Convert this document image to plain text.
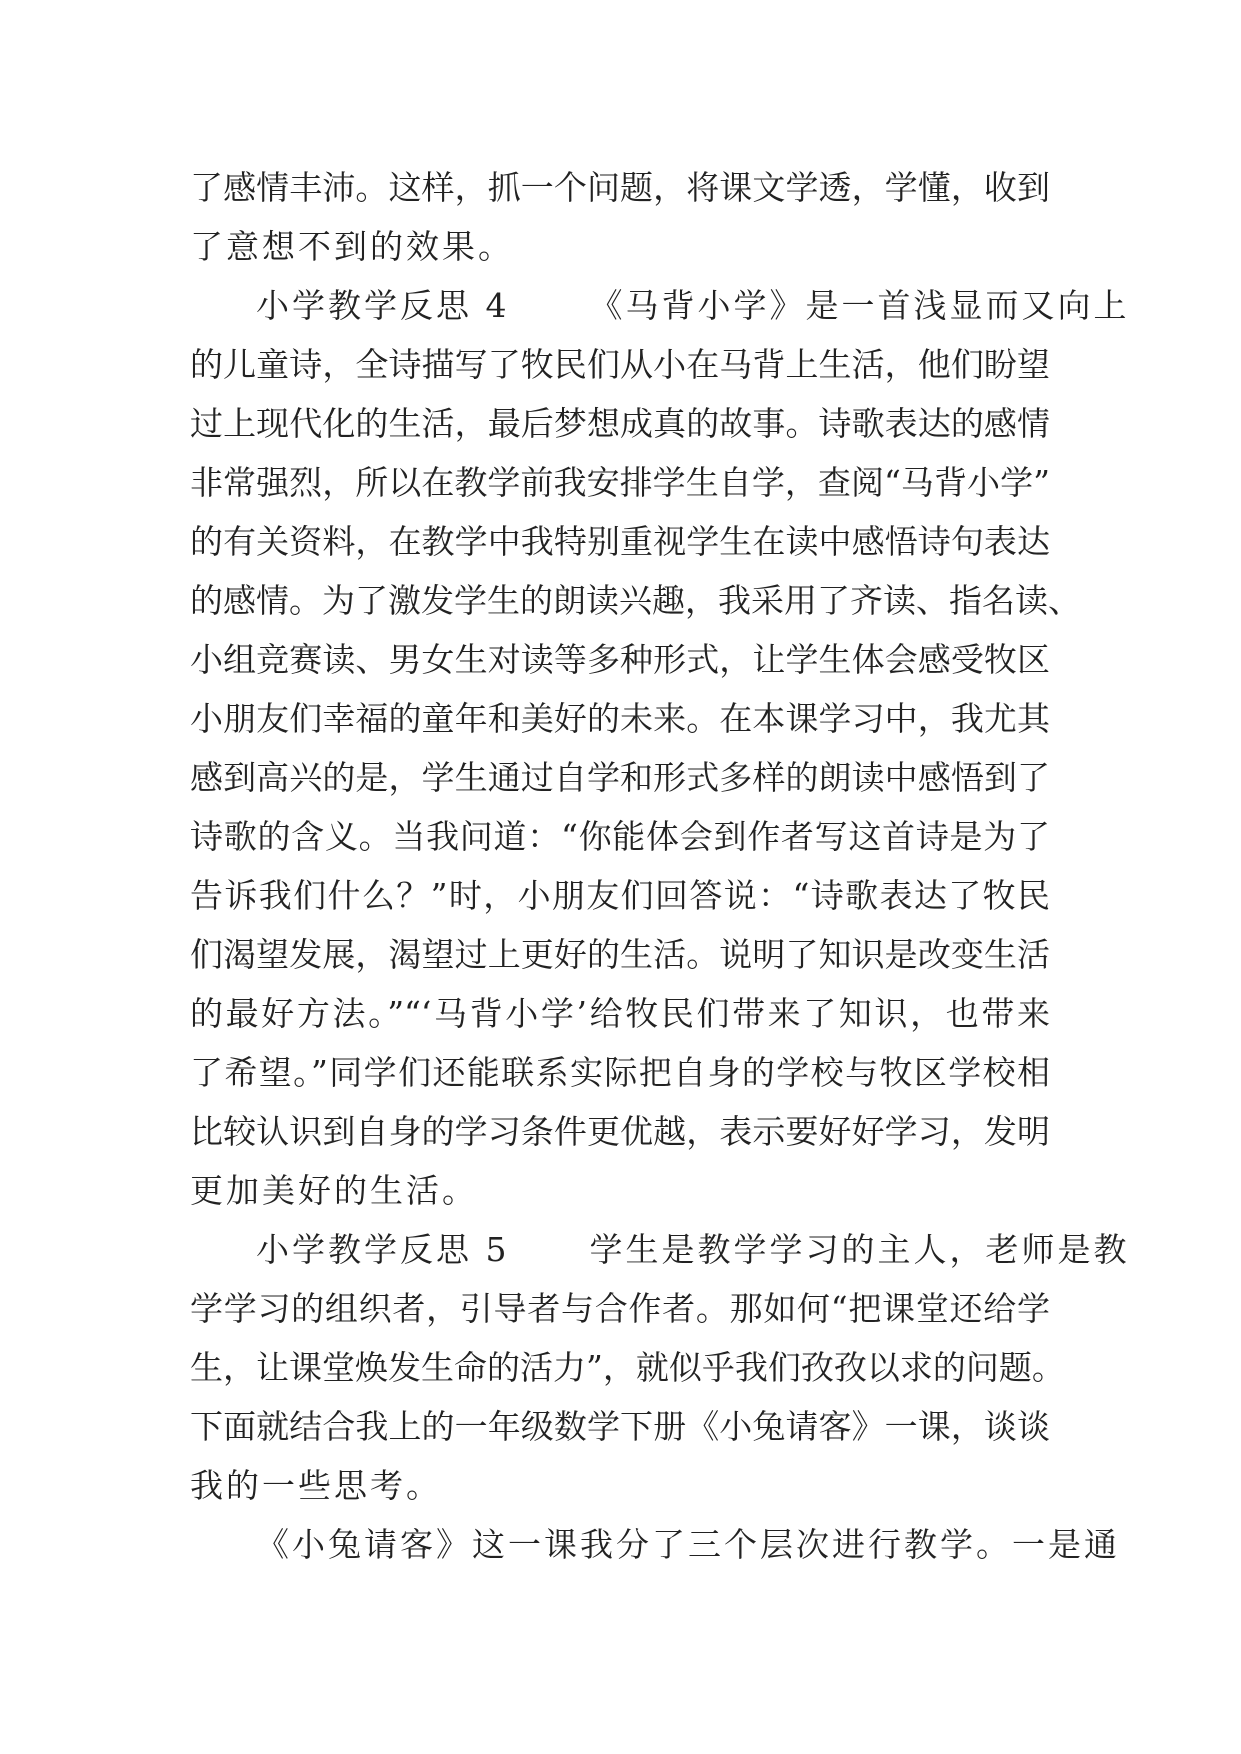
了感情丰沛。这样，抓一个问题，将课文学透，学懂，收到
了意想不到的效果。
小学教学反思 4 《马背小学》是一首浅显而又向上
的儿童诗，全诗描写了牧民们从小在马背上生活，他们盼望
过上现代化的生活，最后梦想成真的故事。诗歌表达的感情
非常强烈，所以在教学前我安排学生自学，查阅“马背小学”
的有关资料，在教学中我特别重视学生在读中感悟诗句表达
的感情。为了激发学生的朗读兴趣，我采用了齐读、指名读、
小组竞赛读、男女生对读等多种形式，让学生体会感受牧区
小朋友们幸福的童年和美好的未来。在本课学习中，我尤其
感到高兴的是，学生通过自学和形式多样的朗读中感悟到了
诗歌的含义。当我问道：“你能体会到作者写这首诗是为了
告诉我们什么？”时，小朋友们回答说：“诗歌表达了牧民
们渴望发展，渴望过上更好的生活。说明了知识是改变生活
的最好方法。”“‘马背小学’给牧民们带来了知识，也带来
了希望。”同学们还能联系实际把自身的学校与牧区学校相
比较认识到自身的学习条件更优越，表示要好好学习，发明
更加美好的生活。
小学教学反思 5 学生是教学学习的主人，老师是教
学学习的组织者，引导者与合作者。那如何“把课堂还给学
生，让课堂焕发生命的活力”，就似乎我们孜孜以求的问题。
下面就结合我上的一年级数学下册《小兔请客》一课，谈谈
我的一些思考。
《小兔请客》这一课我分了三个层次进行教学。一是通
